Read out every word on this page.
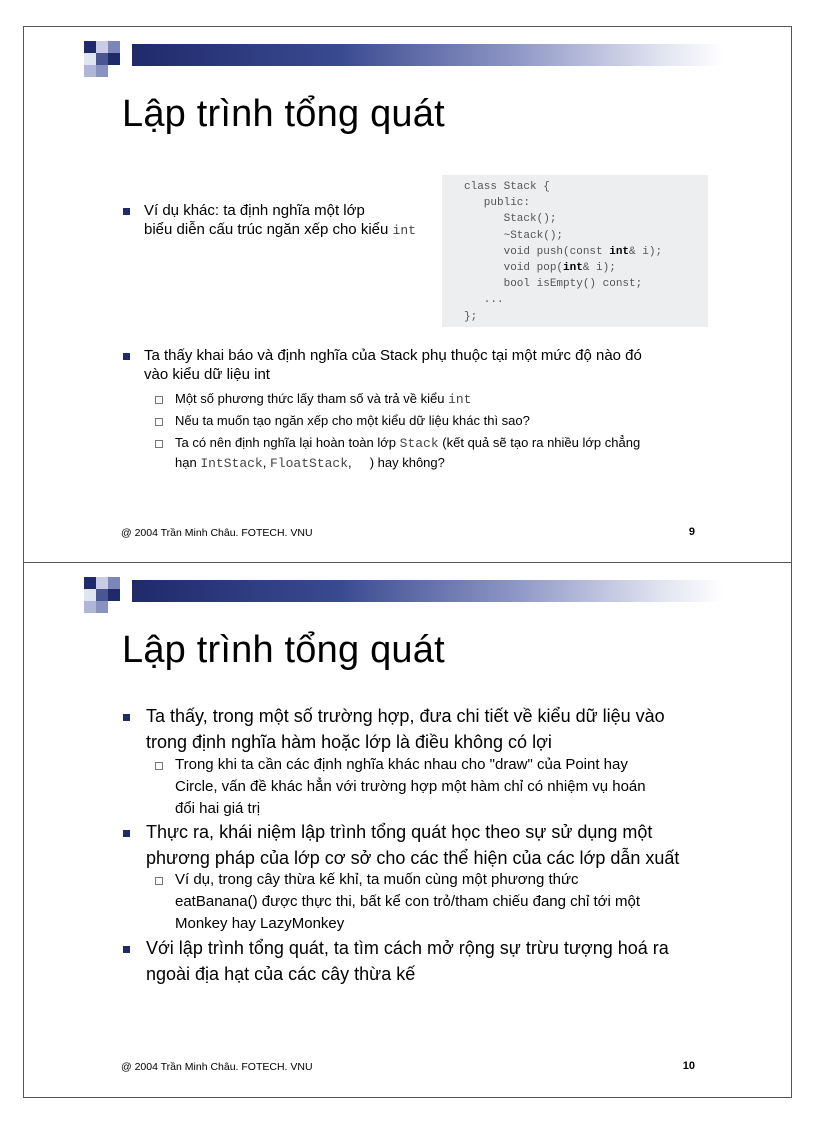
Lập trình tổng quát
Ví dụ khác: ta định nghĩa một lớp
biểu diễn cấu trúc ngăn xếp cho kiểu int
class Stack {
public:
Stack();
~Stack();
void push(const int& i);
void pop(int& i);
bool isEmpty() const;
...
};
Ta thấy khai báo và định nghĩa của Stack phụ thuộc tại một mức độ nào đó
vào kiểu dữ liệu int
Một số phương thức lấy tham số và trả về kiểu int
Nếu ta muốn tạo ngăn xếp cho một kiểu dữ liệu khác thì sao?
Ta có nên định nghĩa lại hoàn toàn lớp Stack (kết quả sẽ tạo ra nhiều lớp chẳng
hạn IntStack, FloatStack, ) hay không?
@ 2004 Trần Minh Châu. FOTECH. VNU	9
Lập trình tổng quát
Ta thấy, trong một số trường hợp, đưa chi tiết về kiểu dữ liệu vào
trong định nghĩa hàm hoặc lớp là điều không có lợi
Trong khi ta cần các định nghĩa khác nhau cho "draw" của Point hay
Circle, vấn đề khác hẳn với trường hợp một hàm chỉ có nhiệm vụ hoán
đổi hai giá trị
Thực ra, khái niệm lập trình tổng quát học theo sự sử dụng một
phương pháp của lớp cơ sở cho các thể hiện của các lớp dẫn xuất
Ví dụ, trong cây thừa kế khỉ, ta muốn cùng một phương thức
eatBanana() được thực thi, bất kể con trỏ/tham chiếu đang chỉ tới một
Monkey hay LazyMonkey
Với lập trình tổng quát, ta tìm cách mở rộng sự trừu tượng hoá ra
ngoài địa hạt của các cây thừa kế
@ 2004 Trần Minh Châu. FOTECH. VNU	10
